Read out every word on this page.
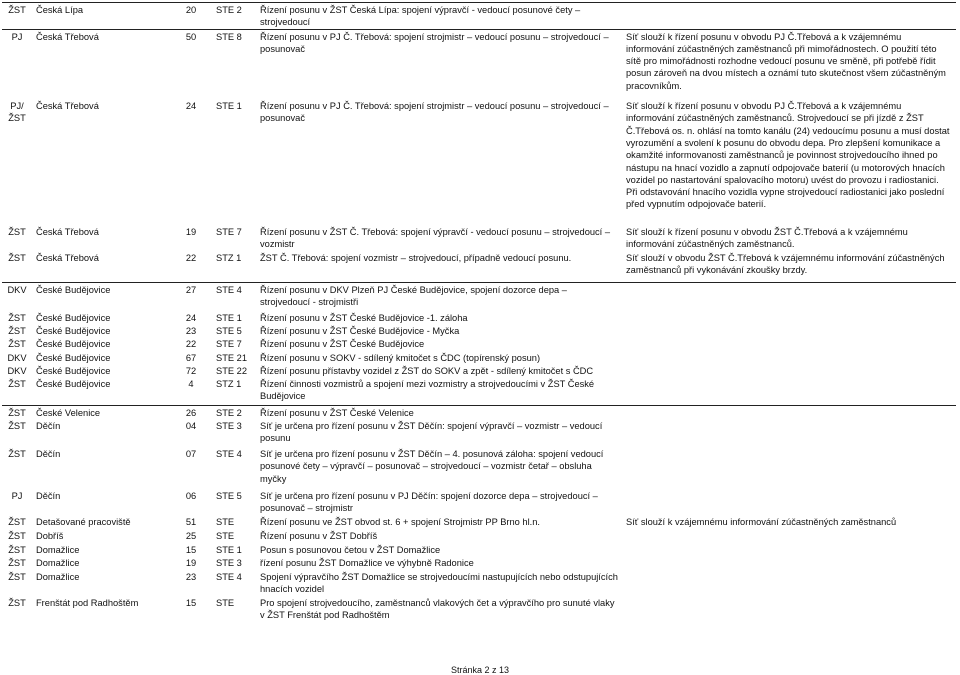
ŽST	Česká Lípa	20	STE 2	Řízení posunu v ŽST Česká Lípa: spojení výpravčí - vedoucí posunové čety – strojvedoucí	
PJ	Česká Třebová	50	STE 8	Řízení posunu v PJ Č. Třebová: spojení strojmistr – vedoucí posunu – strojvedoucí – posunovač	Síť slouží k řízení posunu v obvodu PJ Č.Třebová a k vzájemnému informování zúčastněných zaměstnanců při mimořádnostech. O použití této sítě pro mimořádnosti rozhodne vedoucí posunu ve směně, při potřebě řídit posun zároveň na dvou místech a oznámí tuto skutečnost všem zúčastněným pracovníkům.
PJ/ŽST	Česká Třebová	24	STE 1	Řízení posunu v PJ Č. Třebová: spojení strojmistr – vedoucí posunu – strojvedoucí – posunovač	Síť slouží k řízení posunu v obvodu PJ Č.Třebová a k vzájemnému informování zúčastněných zaměstnanců. Strojvedoucí se při jízdě z ŽST Č.Třebová os. n. ohlásí na tomto kanálu (24) vedoucímu posunu a musí dostat vyrozumění a svolení k posunu do obvodu depa. Pro zlepšení komunikace a okamžité informovanosti zaměstnanců je povinnost strojvedoucího ihned po nástupu na hnací vozidlo a zapnutí odpojovače baterií (u motorových hnacích vozidel po nastartování spalovacího motoru) uvést do provozu i radiostanici. Při odstavování hnacího vozidla vypne strojvedoucí radiostanici jako poslední před vypnutím odpojovače baterií.
ŽST	Česká Třebová	19	STE 7	Řízení posunu v ŽST Č. Třebová: spojení výpravčí - vedoucí posunu – strojvedoucí – vozmistr	Síť slouží k řízení posunu v obvodu ŽST Č.Třebová a k vzájemnému informování zúčastněných zaměstnanců.
ŽST	Česká Třebová	22	STZ 1	ŽST Č. Třebová: spojení vozmistr – strojvedoucí, případně vedoucí posunu.	Síť slouží v obvodu ŽST Č.Třebová k vzájemnému informování zúčastněných zaměstnanců při vykonávání zkoušky brzdy.
DKV	České Budějovice	27	STE 4	Řízení posunu v DKV Plzeň PJ České Budějovice, spojení dozorce depa – strojvedoucí - strojmistři	
ŽST	České Budějovice	24	STE 1	Řízení posunu v ŽST České Budějovice -1. záloha	
ŽST	České Budějovice	23	STE 5	Řízení posunu v ŽST České Budějovice - Myčka	
ŽST	České Budějovice	22	STE 7	Řízení posunu v ŽST České Budějovice	
DKV	České Budějovice	67	STE 21	Řízení posunu v SOKV - sdílený kmitočet s ČDC (topírenský posun)	
DKV	České Budějovice	72	STE 22	Řízení posunu přístavby vozidel z ŽST do SOKV a zpět - sdílený kmitočet s ČDC	
ŽST	České Budějovice	4	STZ 1	Řízení činnosti vozmistrů a spojení mezi vozmistry a strojvedoucími v ŽST České Budějovice	
ŽST	České Velenice	26	STE 2	Řízení posunu v ŽST České Velenice	
ŽST	Děčín	04	STE 3	Síť je určena pro řízení posunu v ŽST Děčín: spojení výpravčí – vozmistr – vedoucí posunu	
ŽST	Děčín	07	STE 4	Síť je určena pro řízení posunu v ŽST Děčín – 4. posunová záloha: spojení vedoucí posunové čety – výpravčí – posunovač – strojvedoucí – vozmistr četař – obsluha myčky	
PJ	Děčín	06	STE 5	Síť je určena pro řízení posunu v PJ Děčín: spojení dozorce depa – strojvedoucí – posunovač – strojmistr	
ŽST	Detašované pracoviště	51	STE	Řízení posunu ve ŽST obvod st. 6 + spojení Strojmistr PP Brno hl.n.	Síť slouží k vzájemnému informování zúčastněných zaměstnanců
ŽST	Dobříš	25	STE	Řízení posunu v ŽST Dobříš	
ŽST	Domažlice	15	STE 1	Posun s posunovou četou v ŽST Domažlice	
ŽST	Domažlice	19	STE 3	řízení posunu ŽST Domažlice ve výhybně Radonice	
ŽST	Domažlice	23	STE 4	Spojení výpravčího ŽST Domažlice se strojvedoucími nastupujících nebo odstupujících hnacích vozidel	
ŽST	Frenštát pod Radhoštěm	15	STE	Pro spojení strojvedoucího, zaměstnanců vlakových čet a výpravčího pro sunuté vlaky v ŽST Frenštát pod Radhoštěm	
Stránka 2 z 13
